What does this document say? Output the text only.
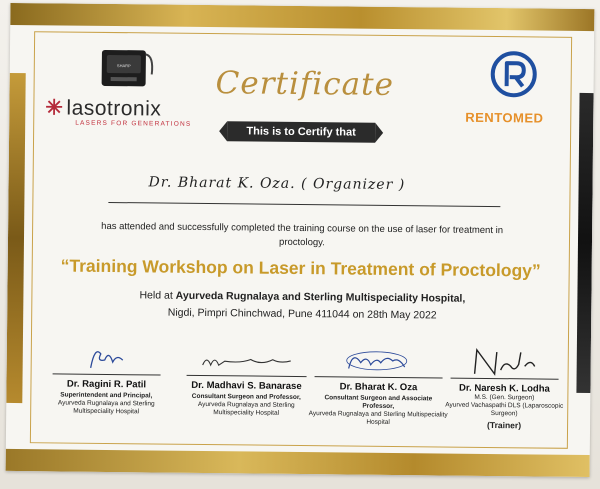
SHARP
✳ lasotronix
LASERS FOR GENERATIONS
Certificate
This is to Certify that
RENTOMED
Dr. Bharat K. Oza. ( Organizer )
has attended and successfully completed the training course on the use of laser for treatment in proctology.
“Training Workshop on Laser in Treatment of Proctology”
Held at Ayurveda Rugnalaya and Sterling Multispeciality Hospital,
Nigdi, Pimpri Chinchwad, Pune 411044 on 28th May 2022
Dr. Ragini R. Patil
Superintendent and Principal,
Ayurveda Rugnalaya and Sterling Multispeciality Hospital
Dr. Madhavi S. Banarase
Consultant Surgeon and Professor,
Ayurveda Rugnalaya and Sterling Multispeciality Hospital
Dr. Bharat K. Oza
Consultant Surgeon and Associate Professor,
Ayurveda Rugnalaya and Sterling Multispeciality Hospital
Dr. Naresh K. Lodha
M.S. (Gen. Surgeon)
Ayurved Vachaspathi DLS (Laparoscopic Surgeon)
(Trainer)
